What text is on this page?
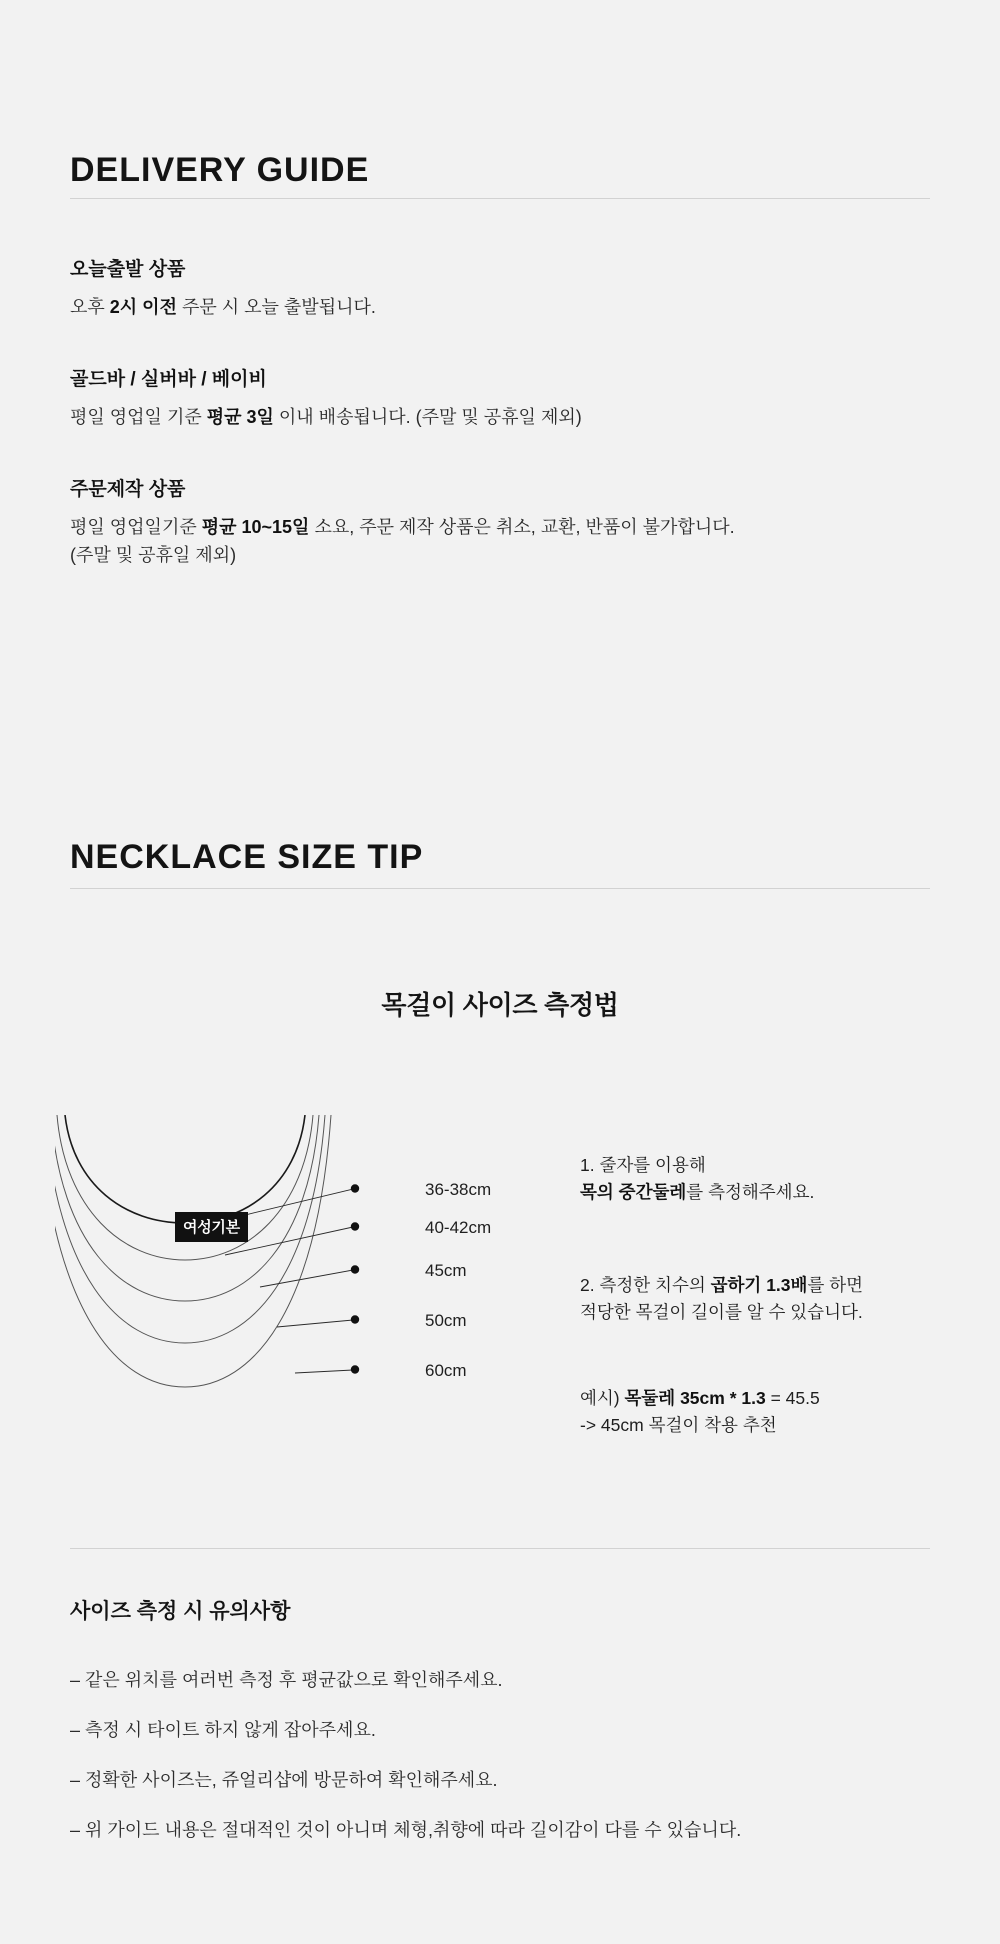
DELIVERY GUIDE
오늘출발 상품
오후 2시 이전 주문 시 오늘 출발됩니다.
골드바 / 실버바 / 베이비
평일 영업일 기준 평균 3일 이내 배송됩니다. (주말 및 공휴일 제외)
주문제작 상품
평일 영업일기준 평균 10~15일 소요, 주문 제작 상품은 취소, 교환, 반품이 불가합니다.
(주말 및 공휴일 제외)
NECKLACE SIZE TIP
목걸이 사이즈 측정법
36-38cm
40-42cm
45cm
50cm
60cm
여성기본
1. 줄자를 이용해
목의 중간둘레를 측정해주세요.
2. 측정한 치수의 곱하기 1.3배를 하면
적당한 목걸이 길이를 알 수 있습니다.
예시) 목둘레 35cm * 1.3 = 45.5
-> 45cm 목걸이 착용 추천
사이즈 측정 시 유의사항
– 같은 위치를 여러번 측정 후 평균값으로 확인해주세요.
– 측정 시 타이트 하지 않게 잡아주세요.
– 정확한 사이즈는, 쥬얼리샵에 방문하여 확인해주세요.
– 위 가이드 내용은 절대적인 것이 아니며 체형,취향에 따라 길이감이 다를 수 있습니다.
